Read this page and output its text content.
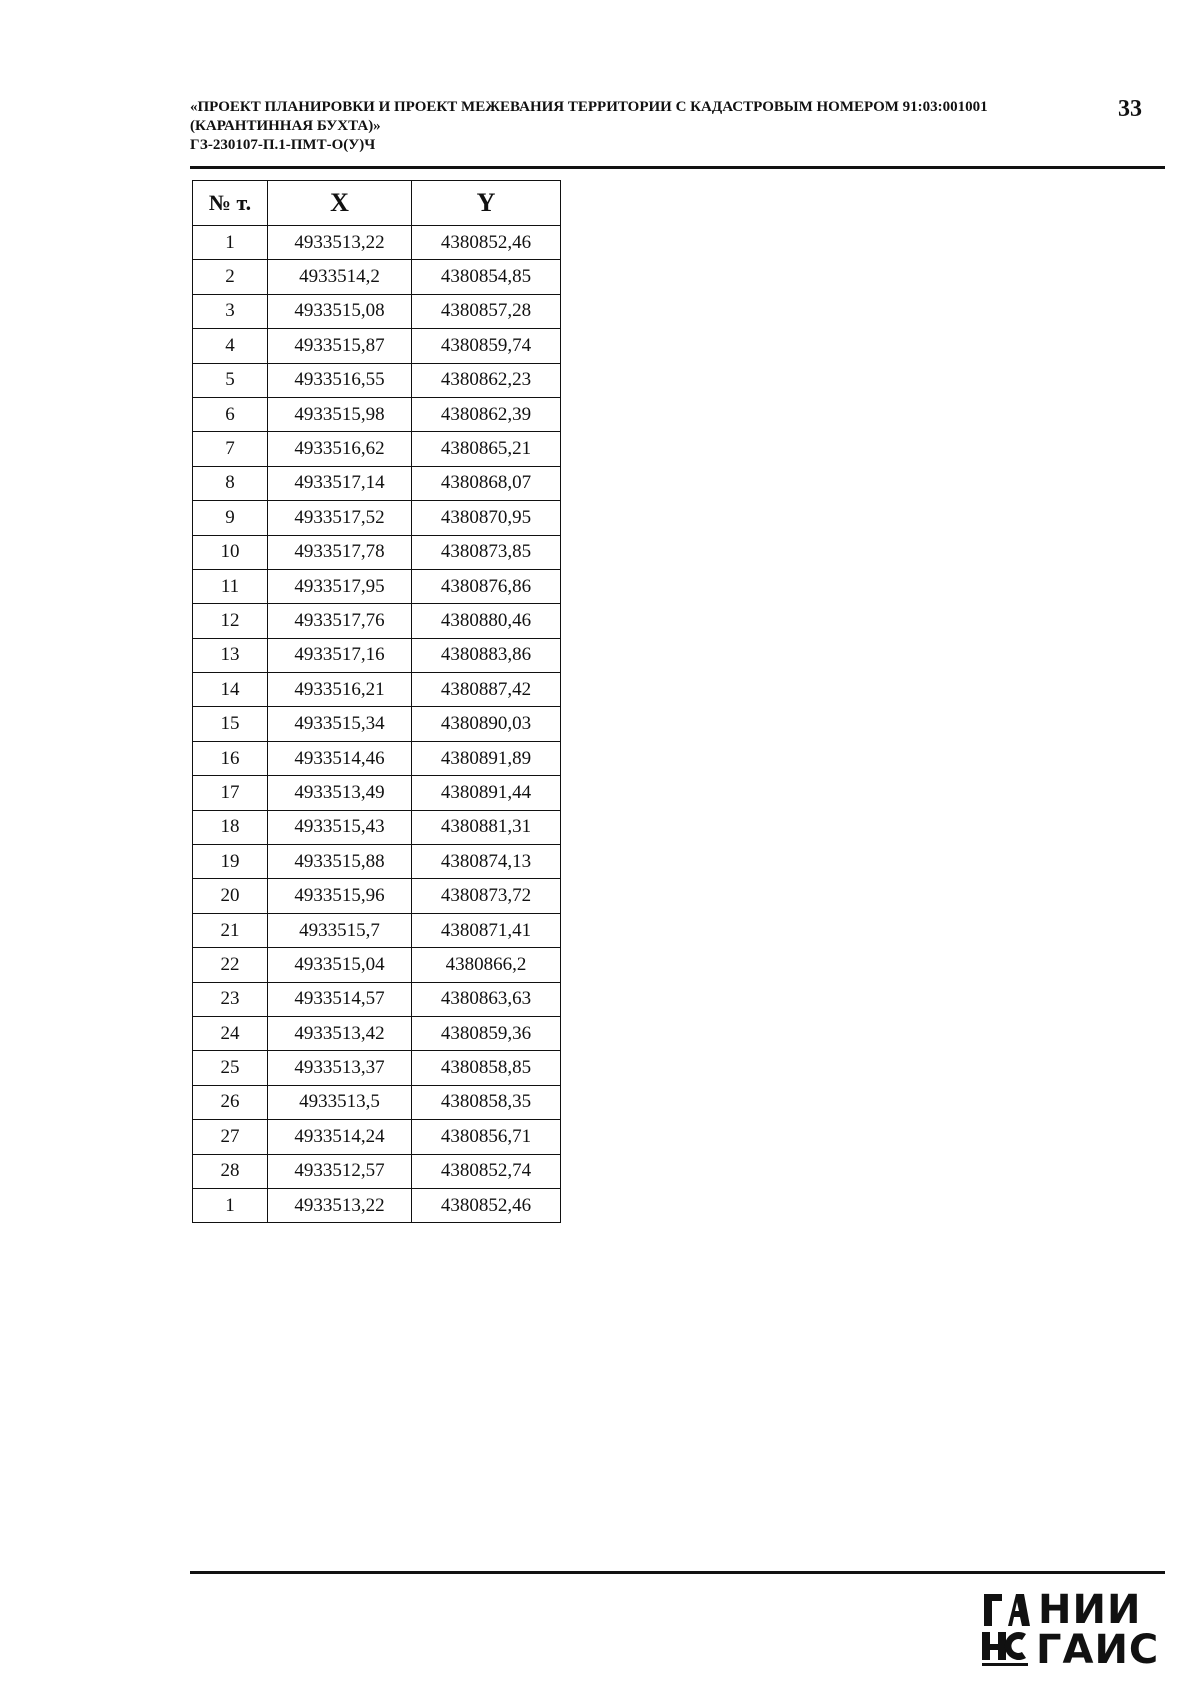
«ПРОЕКТ ПЛАНИРОВКИ И ПРОЕКТ МЕЖЕВАНИЯ ТЕРРИТОРИИ С КАДАСТРОВЫМ НОМЕРОМ 91:03:001001
(КАРАНТИННАЯ БУХТА)»
ГЗ-230107-П.1-ПМТ-О(У)Ч
33
№ т.	X	Y
1	4933513,22	4380852,46
2	4933514,2	4380854,85
3	4933515,08	4380857,28
4	4933515,87	4380859,74
5	4933516,55	4380862,23
6	4933515,98	4380862,39
7	4933516,62	4380865,21
8	4933517,14	4380868,07
9	4933517,52	4380870,95
10	4933517,78	4380873,85
11	4933517,95	4380876,86
12	4933517,76	4380880,46
13	4933517,16	4380883,86
14	4933516,21	4380887,42
15	4933515,34	4380890,03
16	4933514,46	4380891,89
17	4933513,49	4380891,44
18	4933515,43	4380881,31
19	4933515,88	4380874,13
20	4933515,96	4380873,72
21	4933515,7	4380871,41
22	4933515,04	4380866,2
23	4933514,57	4380863,63
24	4933513,42	4380859,36
25	4933513,37	4380858,85
26	4933513,5	4380858,35
27	4933514,24	4380856,71
28	4933512,57	4380852,74
1	4933513,22	4380852,46
НИИ
ГАИС
